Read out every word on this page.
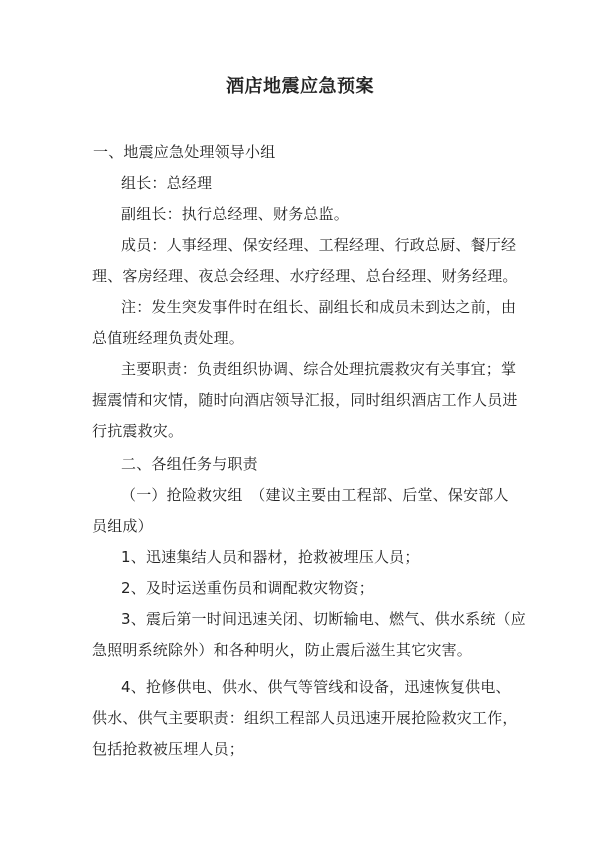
酒店地震应急预案
一、地震应急处理领导小组
组长：总经理
副组长：执行总经理、财务总监。
成员：人事经理、保安经理、工程经理、行政总厨、餐厅经
理、客房经理、夜总会经理、水疗经理、总台经理、财务经理。
注：发生突发事件时在组长、副组长和成员未到达之前，由
总值班经理负责处理。
主要职责：负责组织协调、综合处理抗震救灾有关事宜；掌
握震情和灾情，随时向酒店领导汇报，同时组织酒店工作人员进
行抗震救灾。
二、各组任务与职责
（一）抢险救灾组　（建议主要由工程部、后堂、保安部人
员组成）
1、迅速集结人员和器材，抢救被埋压人员；
2、及时运送重伤员和调配救灾物资；
3、震后第一时间迅速关闭、切断输电、燃气、供水系统（应
急照明系统除外）和各种明火，防止震后滋生其它灾害。
4、抢修供电、供水、供气等管线和设备，迅速恢复供电、
供水、供气主要职责：组织工程部人员迅速开展抢险救灾工作，
包括抢救被压埋人员；
